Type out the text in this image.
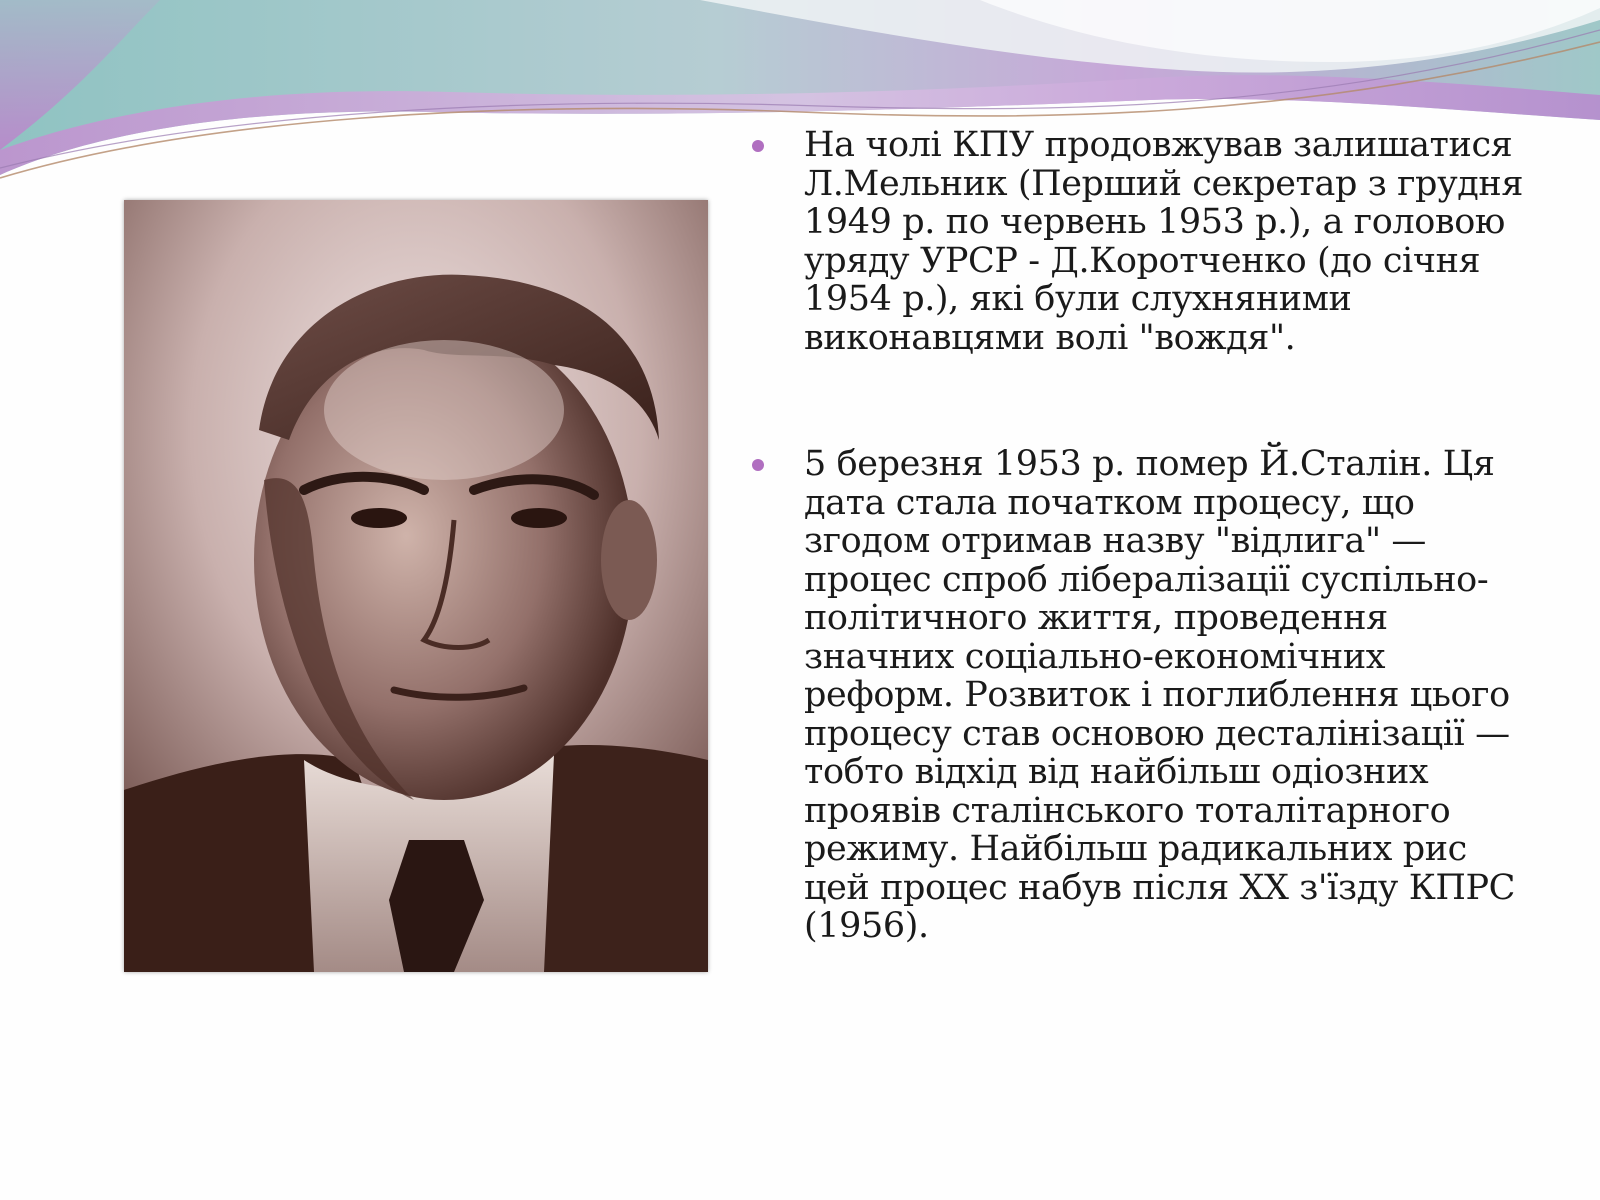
На чолі КПУ продовжував залишатися Л.Мельник (Перший секретар з грудня 1949 р. по червень 1953 р.), а головою уряду УРСР - Д.Коротченко (до січня 1954 р.), які були слухняними виконавцями волі "вождя".

5 березня 1953 р. помер Й.Сталін. Ця дата стала початком процесу, що згодом отримав назву "відлига" — процес спроб лібералізації суспільно-політичного життя, проведення значних соціально-економічних реформ. Розвиток і поглиблення цього процесу став основою десталінізації — тобто відхід від найбільш одіозних проявів сталінського тоталітарного режиму. Найбільш радикальних рис цей процес набув після XX з'їзду КПРС (1956).
